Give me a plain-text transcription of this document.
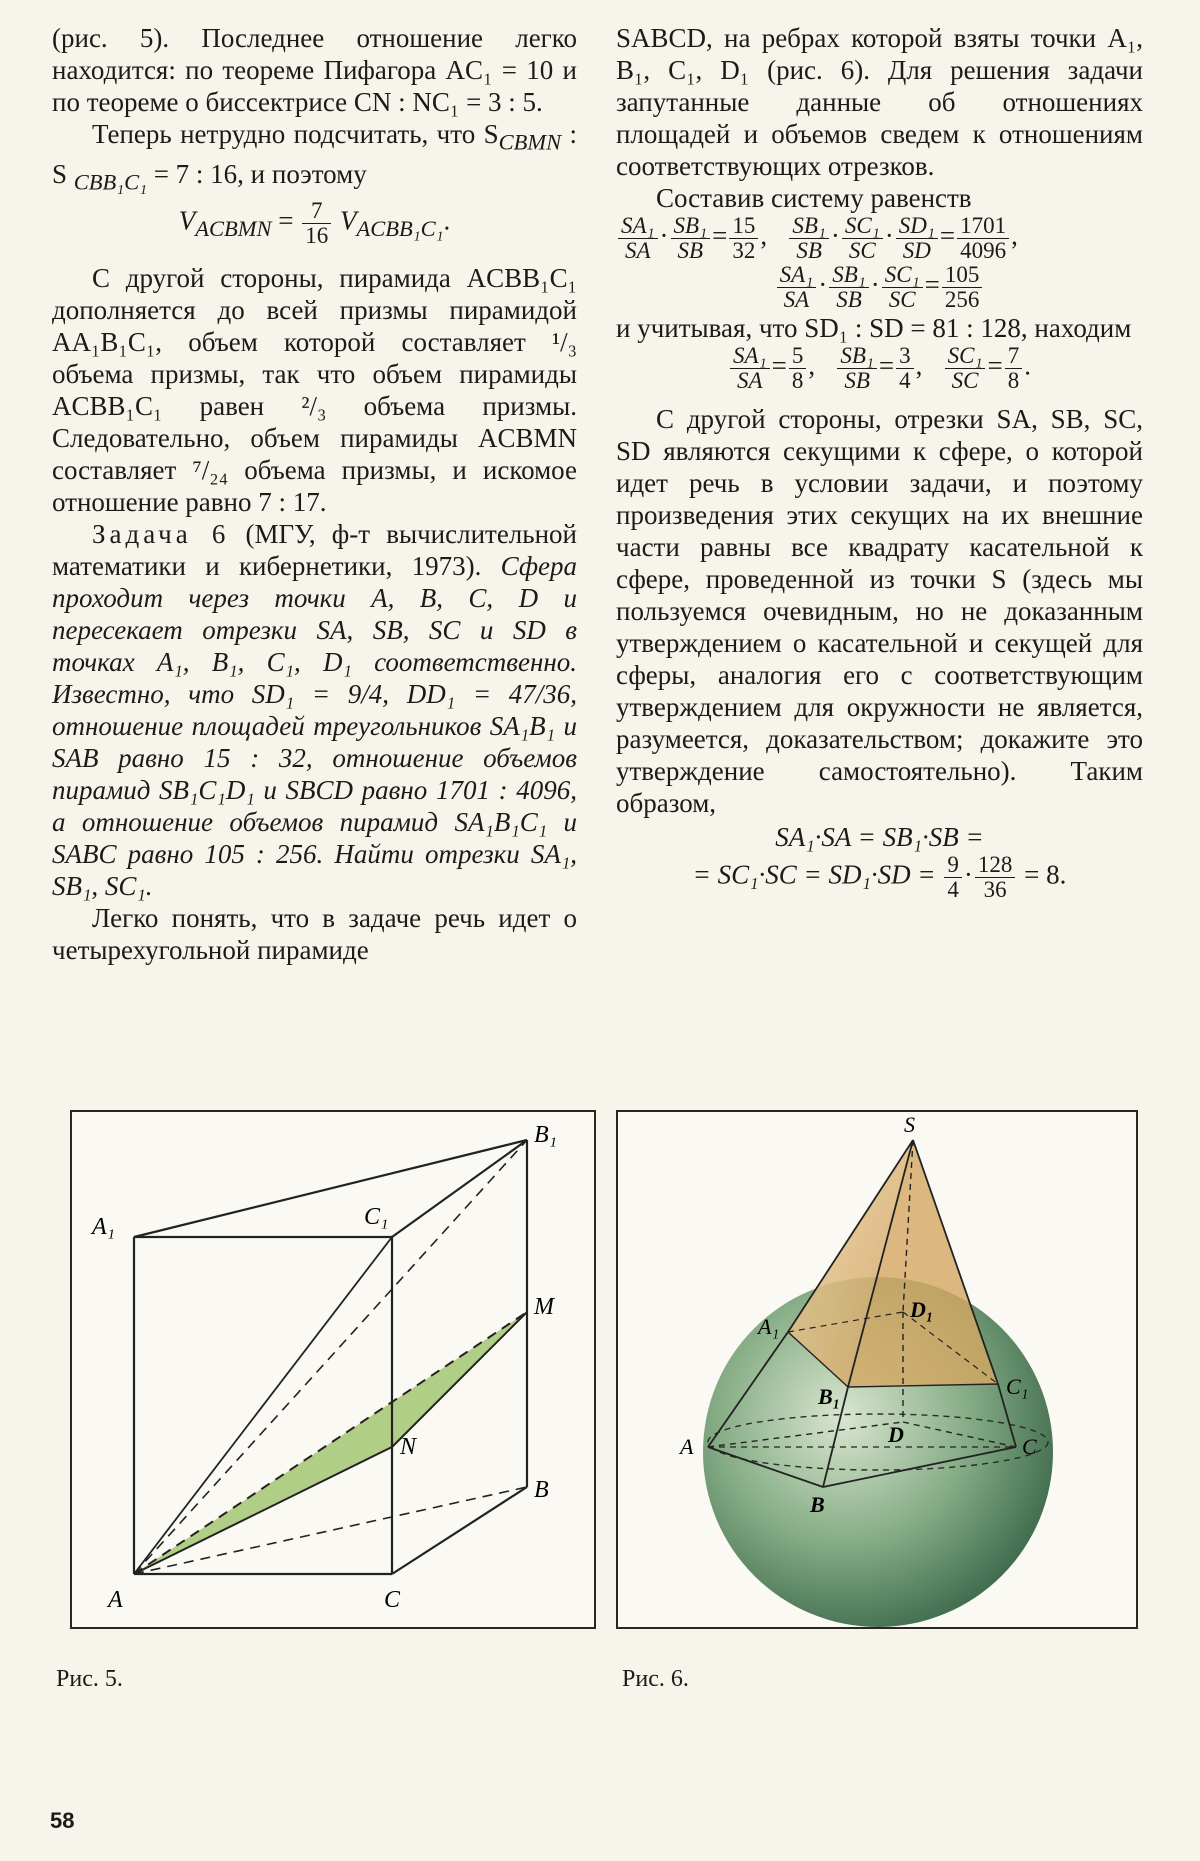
(рис. 5). Последнее отношение легко находится: по теореме Пифагора AC₁ = 10 и по теореме о биссектрисе CN : NC₁ = 3 : 5.

Теперь нетрудно подсчитать, что $S_{CBMN}$ : S $_{CBB_1C_1}$ = 7 : 16, и поэтому

$V_{ACBMN} = \frac{7}{16} V_{ACBB_1C_1}$.

С другой стороны, пирамида ACBB₁C₁ дополняется до всей призмы пирамидой AA₁B₁C₁, объем которой составляет ¹/₃ объема призмы, так что объем пирамиды ACBB₁C₁ равен ²/₃ объема призмы. Следовательно, объем пирамиды ACBMN составляет ⁷/₂₄ объема призмы, и искомое отношение равно 7 : 17.

Задача 6 (МГУ, ф-т вычислительной математики и кибернетики, 1973). Сфера проходит через точки A, B, C, D и пересекает отрезки SA, SB, SC и SD в точках A₁, B₁, C₁, D₁ соответственно. Известно, что SD₁ = 9/4, DD₁ = 47/36, отношение площадей треугольников SA₁B₁ и SAB равно 15 : 32, отношение объемов пирамид SB₁C₁D₁ и SBCD равно 1701 : 4096, а отношение объемов пирамид SA₁B₁C₁ и SABC равно 105 : 256. Найти отрезки SA₁, SB₁, SC₁.

Легко понять, что в задаче речь идет о четырехугольной пирамиде

SABCD, на ребрах которой взяты точки A₁, B₁, C₁, D₁ (рис. 6). Для решения задачи запутанные данные об отношениях площадей и объемов сведем к отношениям соответствующих отрезков.

Составив систему равенств

$\frac{\text{SA₁}}{SA} \cdot \frac{\text{SB₁}}{SB} = \frac{15}{32}$ , $\frac{\text{SB₁}}{SB} \cdot \frac{\text{SC₁}}{SC} \cdot \frac{\text{SD₁}}{SD} = \frac{1701}{4096}$ ,

$\frac{\text{SA₁}}{SA} \cdot \frac{\text{SB₁}}{SB} \cdot \frac{\text{SC₁}}{SC} = \frac{105}{256}$

и учитывая, что SD₁ : SD = 81 : 128, находим

$\frac{\text{SA₁}}{SA} = \frac{5}{8}$ , $\frac{\text{SB₁}}{SB} = \frac{3}{4}$ , $\frac{\text{SC₁}}{SC} = \frac{7}{8}$ .

С другой стороны, отрезки SA, SB, SC, SD являются секущими к сфере, о которой идет речь в условии задачи, и поэтому произведения этих секущих на их внешние части равны все квадрату касательной к сфере, проведенной из точки S (здесь мы пользуемся очевидным, но не доказанным утверждением о касательной и секущей для сферы, аналогия его с соответствующим утверждением для окружности не является, разумеется, доказательством; докажите это утверждение самостоятельно). Таким образом,

SA₁·SA = SB₁·SB =

= $SC_1\cdot SC = SD_1\cdot SD = \frac{9}{4} \cdot \frac{128}{36} = 8$.

A
A₁
B₁
C₁
M
N
B
C
Рис. 5.
S
A₁
D₁
B₁	C₁
D
A	C
B
Рис. 6.
58
